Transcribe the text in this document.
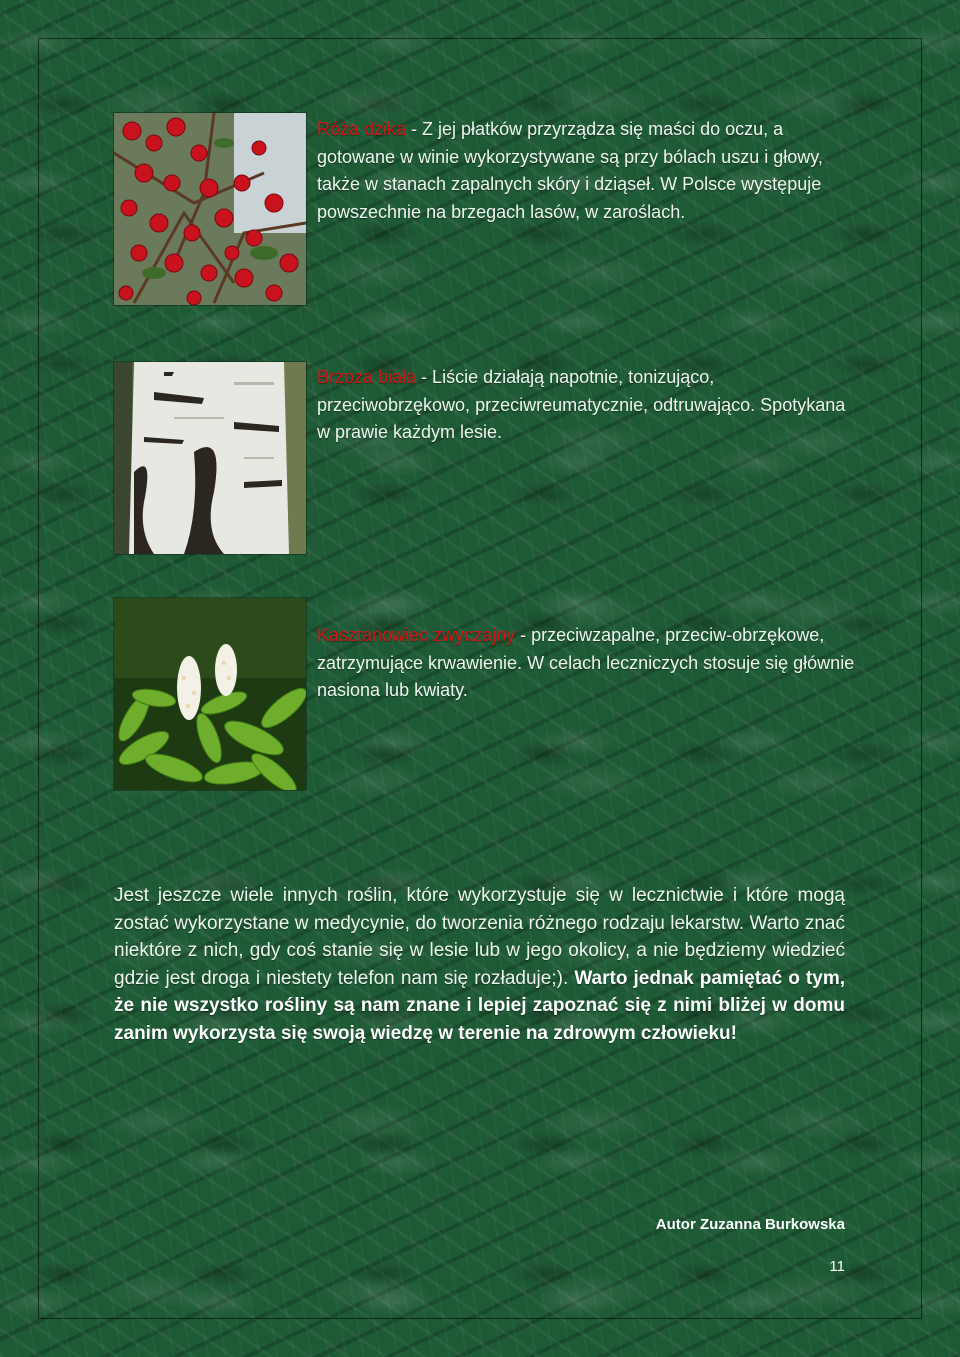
Róża dzika - Z jej płatków przyrządza się maści do oczu, a gotowane w winie wykorzystywane są przy bólach uszu i głowy, także w stanach zapalnych skóry i dziąseł. W Polsce występuje powszechnie na brzegach lasów, w zaroślach.
Brzoza biała - Liście działają napotnie, tonizująco, przeciwobrzękowo, przeciwreumatycznie, odtruwająco. Spotykana w prawie każdym lesie.
Kasztanowiec zwyczajny - przeciwzapalne, przeciw-obrzękowe, zatrzymujące krwawienie. W celach leczniczych stosuje się głównie nasiona lub kwiaty.
Jest jeszcze wiele innych roślin, które wykorzystuje się w lecznictwie i które mogą zostać wykorzystane w medycynie, do tworzenia różnego rodzaju lekarstw. Warto znać niektóre z nich, gdy coś stanie się w lesie lub w jego okolicy, a nie będziemy wiedzieć gdzie jest droga i niestety telefon nam się rozładuje;). Warto jednak pamiętać o tym, że nie wszystko rośliny są nam znane i lepiej zapoznać się z nimi bliżej w domu zanim wykorzysta się swoją wiedzę w terenie na zdrowym człowieku!
Autor Zuzanna Burkowska
11
